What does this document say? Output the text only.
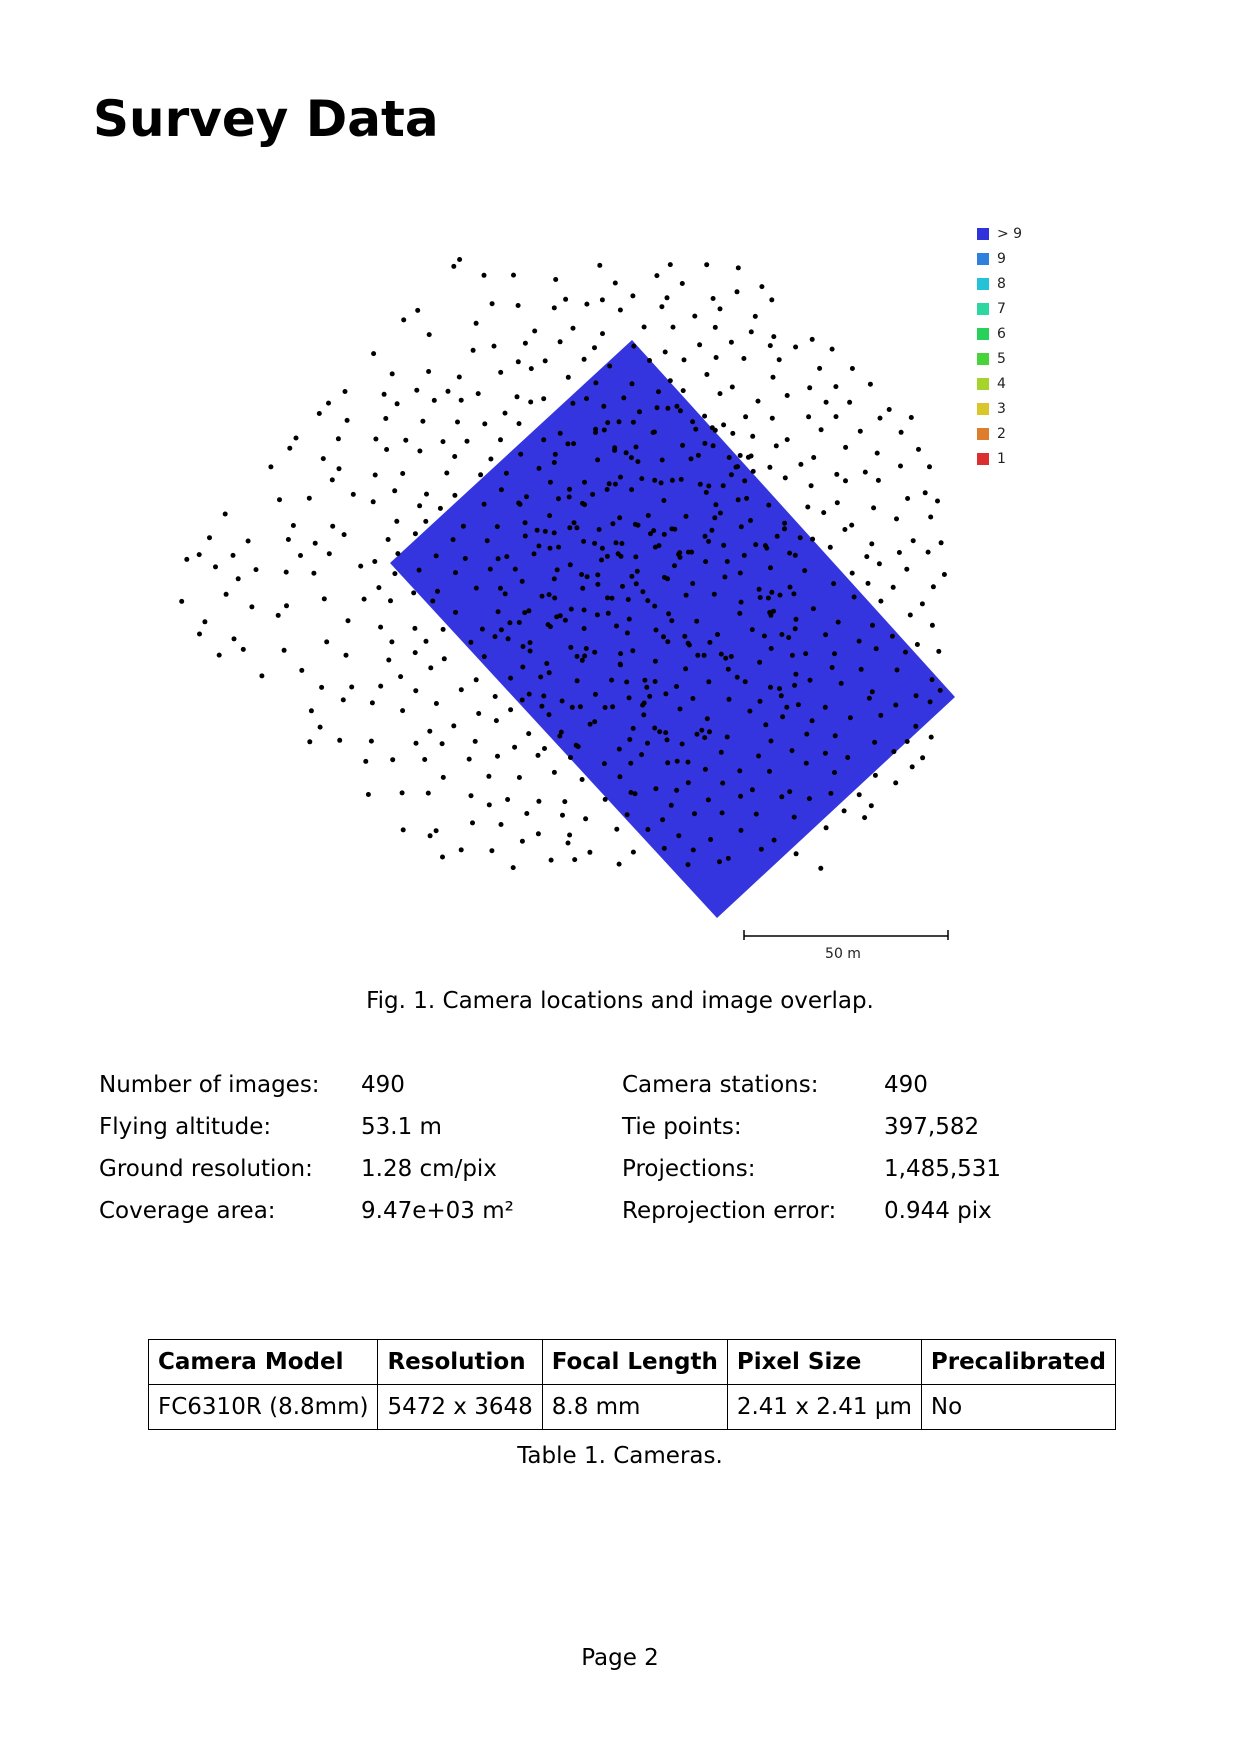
Survey Data
> 9
9
8
7
6
5
4
3
2
1
50 m
Fig. 1. Camera locations and image overlap.
Number of images: 490	Camera stations:	490
Flying altitude:	53.1 m	Tie points:	397,582
Ground resolution: 1.28 cm/pix	Projections:	1,485,531
Coverage area:	9.47e+03 m²	Reprojection error: 0.944 pix
Camera Model	Resolution	Focal Length	Pixel Size	Precalibrated
FC6310R (8.8mm)	5472 x 3648	8.8 mm	2.41 x 2.41 µm	No
Table 1. Cameras.
Page 2
